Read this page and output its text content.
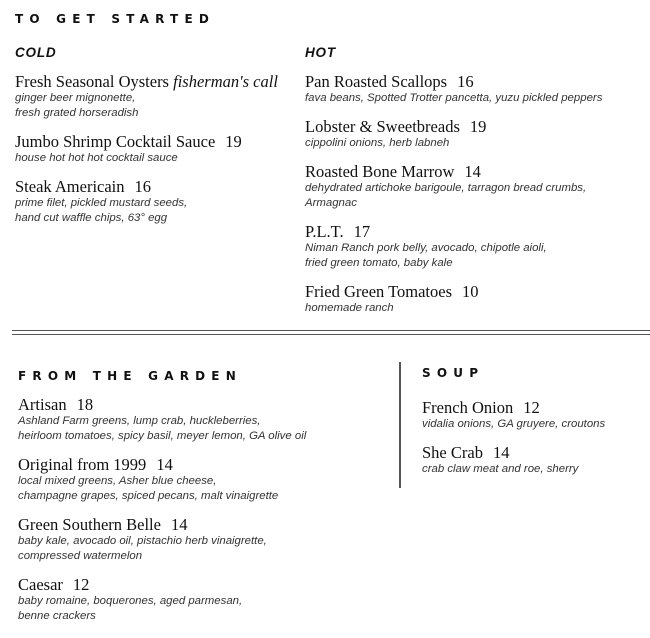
TO GET STARTED
COLD
Fresh Seasonal Oysters fisherman's call
ginger beer mignonette,
fresh grated horseradish
Jumbo Shrimp Cocktail Sauce 19
house hot hot hot cocktail sauce
Steak Americain 16
prime filet, pickled mustard seeds,
hand cut waffle chips, 63° egg
HOT
Pan Roasted Scallops 16
fava beans, Spotted Trotter pancetta, yuzu pickled peppers
Lobster & Sweetbreads 19
cippolini onions, herb labneh
Roasted Bone Marrow 14
dehydrated artichoke barigoule, tarragon bread crumbs,
Armagnac
P.L.T. 17
Niman Ranch pork belly, avocado, chipotle aioli,
fried green tomato, baby kale
Fried Green Tomatoes 10
homemade ranch
FROM THE GARDEN
Artisan 18
Ashland Farm greens, lump crab, huckleberries,
heirloom tomatoes, spicy basil, meyer lemon, GA olive oil
Original from 1999 14
local mixed greens, Asher blue cheese,
champagne grapes, spiced pecans, malt vinaigrette
Green Southern Belle 14
baby kale, avocado oil, pistachio herb vinaigrette,
compressed watermelon
Caesar 12
baby romaine, boquerones, aged parmesan,
benne crackers
SOUP
French Onion 12
vidalia onions, GA gruyere, croutons
She Crab 14
crab claw meat and roe, sherry
